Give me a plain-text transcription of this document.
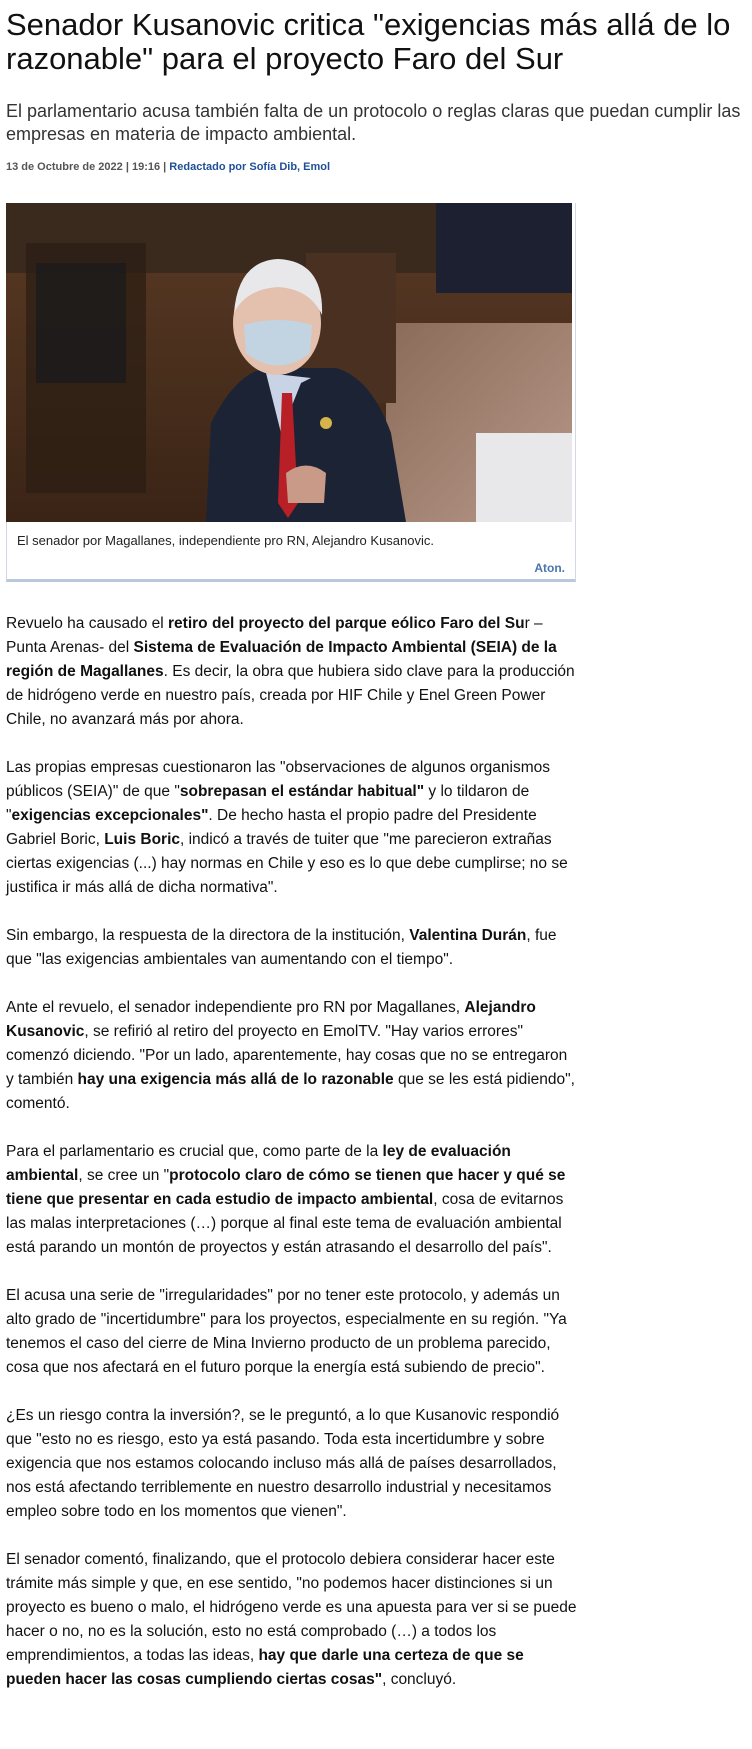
Senador Kusanovic critica "exigencias más allá de lo razonable" para el proyecto Faro del Sur

El parlamentario acusa también falta de un protocolo o reglas claras que puedan cumplir las empresas en materia de impacto ambiental.

13 de Octubre de 2022 | 19:16 | Redactado por Sofía Dib, Emol
El senador por Magallanes, independiente pro RN, Alejandro Kusanovic.
Aton.

Revuelo ha causado el retiro del proyecto del parque eólico Faro del Sur –Punta Arenas- del Sistema de Evaluación de Impacto Ambiental (SEIA) de la región de Magallanes. Es decir, la obra que hubiera sido clave para la producción de hidrógeno verde en nuestro país, creada por HIF Chile y Enel Green Power Chile, no avanzará más por ahora.

Las propias empresas cuestionaron las "observaciones de algunos organismos públicos (SEIA)" de que "sobrepasan el estándar habitual" y lo tildaron de "exigencias excepcionales". De hecho hasta el propio padre del Presidente Gabriel Boric, Luis Boric, indicó a través de tuiter que "me parecieron extrañas ciertas exigencias (...) hay normas en Chile y eso es lo que debe cumplirse; no se justifica ir más allá de dicha normativa".

Sin embargo, la respuesta de la directora de la institución, Valentina Durán, fue que "las exigencias ambientales van aumentando con el tiempo".

Ante el revuelo, el senador independiente pro RN por Magallanes, Alejandro Kusanovic, se refirió al retiro del proyecto en EmolTV. "Hay varios errores" comenzó diciendo. "Por un lado, aparentemente, hay cosas que no se entregaron y también hay una exigencia más allá de lo razonable que se les está pidiendo", comentó.

Para el parlamentario es crucial que, como parte de la ley de evaluación ambiental, se cree un "protocolo claro de cómo se tienen que hacer y qué se tiene que presentar en cada estudio de impacto ambiental, cosa de evitarnos las malas interpretaciones (…) porque al final este tema de evaluación ambiental está parando un montón de proyectos y están atrasando el desarrollo del país".

El acusa una serie de "irregularidades" por no tener este protocolo, y además un alto grado de "incertidumbre" para los proyectos, especialmente en su región. "Ya tenemos el caso del cierre de Mina Invierno producto de un problema parecido, cosa que nos afectará en el futuro porque la energía está subiendo de precio".

¿Es un riesgo contra la inversión?, se le preguntó, a lo que Kusanovic respondió que "esto no es riesgo, esto ya está pasando. Toda esta incertidumbre y sobre exigencia que nos estamos colocando incluso más allá de países desarrollados, nos está afectando terriblemente en nuestro desarrollo industrial y necesitamos empleo sobre todo en los momentos que vienen".

El senador comentó, finalizando, que el protocolo debiera considerar hacer este trámite más simple y que, en ese sentido, "no podemos hacer distinciones si un proyecto es bueno o malo, el hidrógeno verde es una apuesta para ver si se puede hacer o no, no es la solución, esto no está comprobado (…) a todos los emprendimientos, a todas las ideas, hay que darle una certeza de que se pueden hacer las cosas cumpliendo ciertas cosas", concluyó.
